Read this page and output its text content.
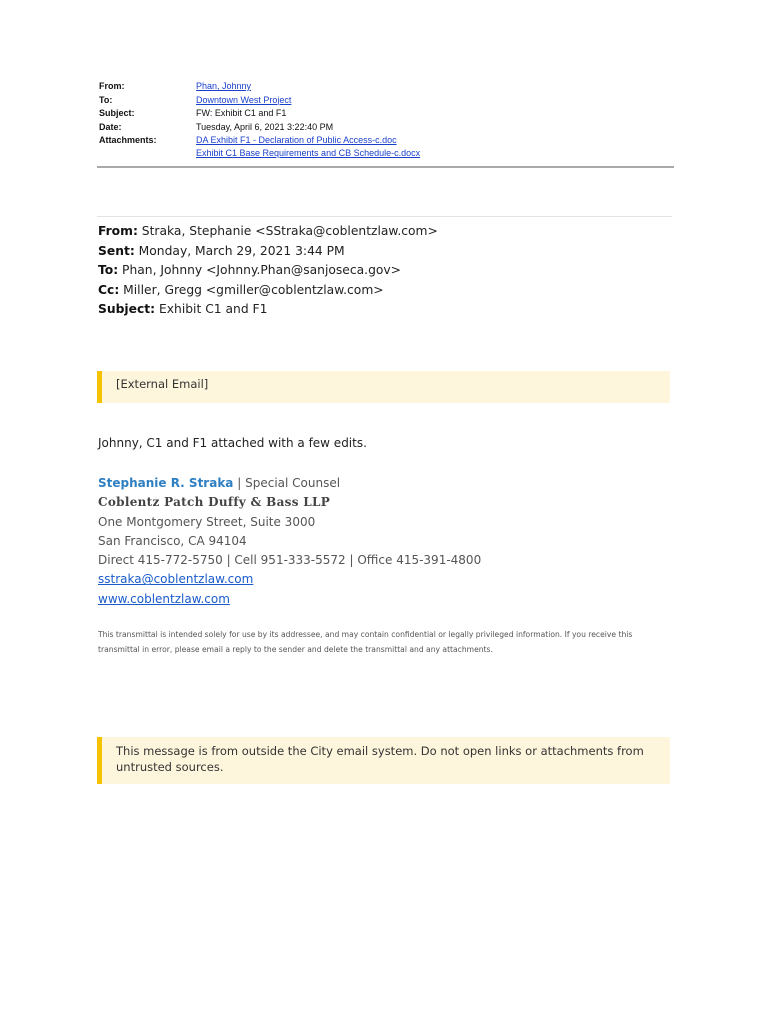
From:	Phan, Johnny
To:	Downtown West Project
Subject:	FW: Exhibit C1 and F1
Date:	Tuesday, April 6, 2021 3:22:40 PM
Attachments:	DA Exhibit F1 - Declaration of Public Access-c.doc
Exhibit C1 Base Requirements and CB Schedule-c.docx
From: Straka, Stephanie <SStraka@coblentzlaw.com>
Sent: Monday, March 29, 2021 3:44 PM
To: Phan, Johnny <Johnny.Phan@sanjoseca.gov>
Cc: Miller, Gregg <gmiller@coblentzlaw.com>
Subject: Exhibit C1 and F1
[External Email]
Johnny, C1 and F1 attached with a few edits.
Stephanie R. Straka | Special Counsel
Coblentz Patch Duffy & Bass LLP
One Montgomery Street, Suite 3000
San Francisco, CA 94104
Direct 415-772-5750 | Cell 951-333-5572 | Office 415-391-4800
sstraka@coblentzlaw.com
www.coblentzlaw.com
This transmittal is intended solely for use by its addressee, and may contain confidential or legally privileged information. If you receive this transmittal in error, please email a reply to the sender and delete the transmittal and any attachments.
This message is from outside the City email system. Do not open links or attachments from untrusted sources.
